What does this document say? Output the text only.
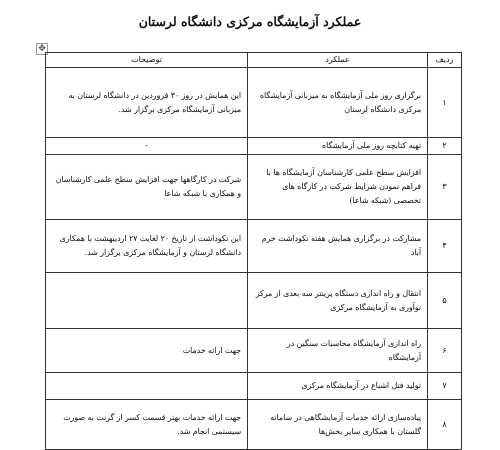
عملکرد آزمایشگاه مرکزی دانشگاه لرستان
✥
ردیف	عملکرد	توضیحات
۱	برگزاری روز ملی آزمایشگاه به میزبانی آزمایشگاه مرکزی دانشگاه لرستان	این همایش در روز ۳۰ فروردین در دانشگاه لرستان به میزبانی آزمایشگاه مرکزی برگزار شد.
۲	تهیه کتابچه روز ملی آزمایشگاه	-
۳	افزایش سطح علمی کارشناسان آزمایشگاه ها با فراهم نمودن شرایط شرکت در کارگاه های تخصصی (شبکه شاعا)	شرکت در کارگاهها جهت افزایش سطح علمی کارشناسان و همکاری با شبکه شاعا
۴	مشارکت در برگزاری همایش هفته نکوداشت خرم آباد	این نکوداشت از تاریخ ۲۰ لغایت ۲۷ اردیبهشت با همکاری دانشگاه لرستان و آزمایشگاه مرکزی برگزار شد.
۵	انتقال و راه اندازی دستگاه پرینتر سه بعدی از مرکز نوآوری به آزمایشگاه مرکزی	
۶	راه اندازی آزمایشگاه محاسبات سنگین در آزمایشگاه	جهت ارائه خدمات
۷	تولید فتل اشباع در آزمایشگاه مرکزی	
۸	پیاده‌سازی ارائه خدمات آزمایشگاهی در سامانه گلستان با همکاری سایر بخش‌ها	جهت ارائه خدمات بهتر قسمت کسر از گرنت به صورت سیستمی انجام شد.
